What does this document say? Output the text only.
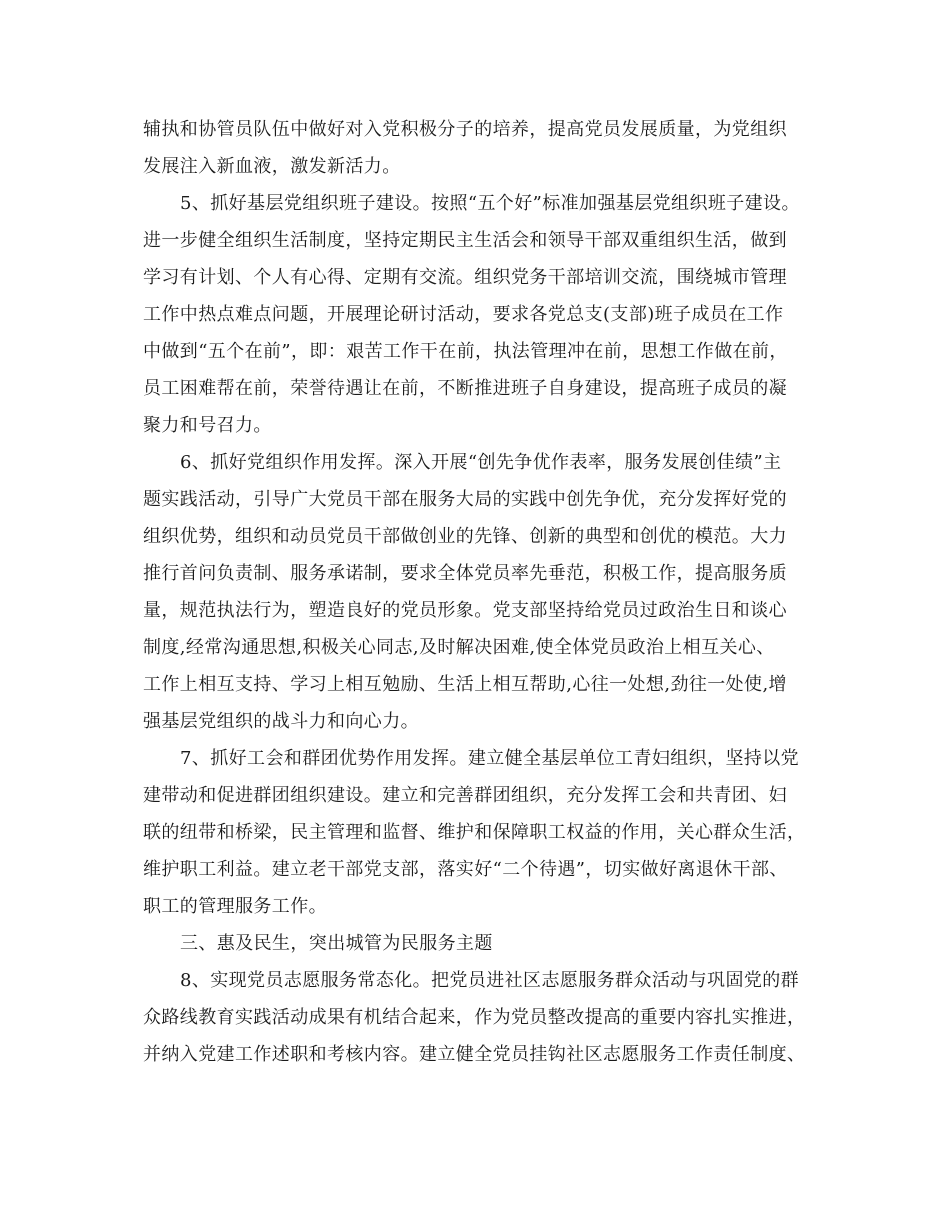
辅执和协管员队伍中做好对入党积极分子的培养，提高党员发展质量，为党组织
发展注入新血液，激发新活力。
5、抓好基层党组织班子建设。按照“五个好”标准加强基层党组织班子建设。
进一步健全组织生活制度，坚持定期民主生活会和领导干部双重组织生活，做到
学习有计划、个人有心得、定期有交流。组织党务干部培训交流，围绕城市管理
工作中热点难点问题，开展理论研讨活动，要求各党总支(支部)班子成员在工作
中做到“五个在前”，即：艰苦工作干在前，执法管理冲在前，思想工作做在前，
员工困难帮在前，荣誉待遇让在前，不断推进班子自身建设，提高班子成员的凝
聚力和号召力。
6、抓好党组织作用发挥。深入开展“创先争优作表率，服务发展创佳绩”主
题实践活动，引导广大党员干部在服务大局的实践中创先争优，充分发挥好党的
组织优势，组织和动员党员干部做创业的先锋、创新的典型和创优的模范。大力
推行首问负责制、服务承诺制，要求全体党员率先垂范，积极工作，提高服务质
量，规范执法行为，塑造良好的党员形象。党支部坚持给党员过政治生日和谈心
制度,经常沟通思想,积极关心同志,及时解决困难,使全体党员政治上相互关心、
工作上相互支持、学习上相互勉励、生活上相互帮助,心往一处想,劲往一处使,增
强基层党组织的战斗力和向心力。
7、抓好工会和群团优势作用发挥。建立健全基层单位工青妇组织，坚持以党
建带动和促进群团组织建设。建立和完善群团组织，充分发挥工会和共青团、妇
联的纽带和桥梁，民主管理和监督、维护和保障职工权益的作用，关心群众生活，
维护职工利益。建立老干部党支部，落实好“二个待遇”，切实做好离退休干部、
职工的管理服务工作。
三、惠及民生，突出城管为民服务主题
8、实现党员志愿服务常态化。把党员进社区志愿服务群众活动与巩固党的群
众路线教育实践活动成果有机结合起来，作为党员整改提高的重要内容扎实推进，
并纳入党建工作述职和考核内容。建立健全党员挂钩社区志愿服务工作责任制度、
